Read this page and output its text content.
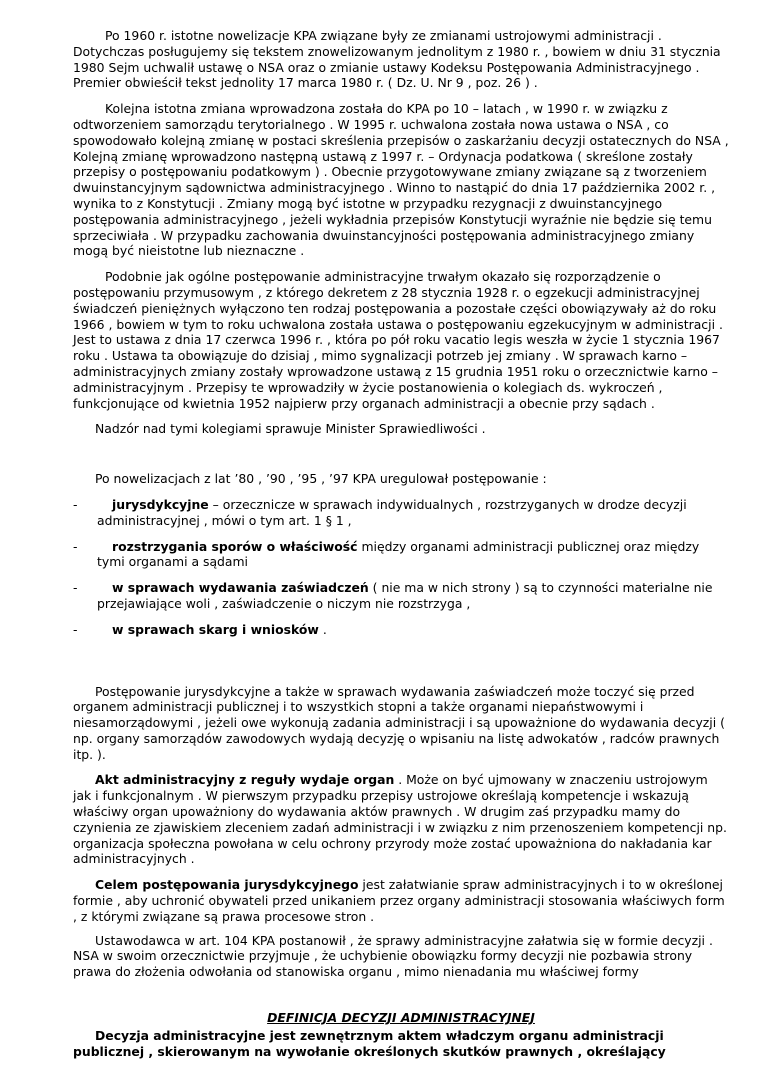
Po 1960 r. istotne nowelizacje KPA związane były ze zmianami ustrojowymi administracji . Dotychczas posługujemy się tekstem znowelizowanym jednolitym z 1980 r. , bowiem w dniu 31 stycznia 1980 Sejm uchwalił ustawę o NSA oraz o zmianie ustawy Kodeksu Postępowania Administracyjnego . Premier obwieścił tekst jednolity 17 marca 1980 r. ( Dz. U. Nr 9 , poz. 26 ) .

Kolejna istotna zmiana wprowadzona została do KPA po 10 – latach , w 1990 r. w związku z odtworzeniem samorządu terytorialnego . W 1995 r. uchwalona została nowa ustawa o NSA , co spowodowało kolejną zmianę w postaci skreślenia przepisów o zaskarżaniu decyzji ostatecznych do NSA , Kolejną zmianę wprowadzono następną ustawą z 1997 r. – Ordynacja podatkowa ( skreślone zostały przepisy o postępowaniu podatkowym ) . Obecnie przygotowywane zmiany związane są z tworzeniem dwuinstancyjnym sądownictwa administracyjnego . Winno to nastąpić do dnia 17 października 2002 r. , wynika to z Konstytucji . Zmiany mogą być istotne w przypadku rezygnacji z dwuinstancyjnego postępowania administracyjnego , jeżeli wykładnia przepisów Konstytucji wyraźnie nie będzie się temu sprzeciwiała . W przypadku zachowania dwuinstancyjności postępowania administracyjnego zmiany mogą być nieistotne lub nieznaczne .

Podobnie jak ogólne postępowanie administracyjne trwałym okazało się rozporządzenie o postępowaniu przymusowym , z którego dekretem z 28 stycznia 1928 r. o egzekucji administracyjnej świadczeń pieniężnych wyłączono ten rodzaj postępowania a pozostałe części obowiązywały aż do roku 1966 , bowiem w tym to roku uchwalona została ustawa o postępowaniu egzekucyjnym w administracji . Jest to ustawa z dnia 17 czerwca 1996 r. , która po pół roku vacatio legis weszła w życie 1 stycznia 1967 roku . Ustawa ta obowiązuje do dzisiaj , mimo sygnalizacji potrzeb jej zmiany . W sprawach karno – administracyjnych zmiany zostały wprowadzone ustawą z 15 grudnia 1951 roku o orzecznictwie karno – administracyjnym . Przepisy te wprowadziły w życie postanowienia o kolegiach ds. wykroczeń , funkcjonujące od kwietnia 1952 najpierw przy organach administracji a obecnie przy sądach .

Nadzór nad tymi kolegiami sprawuje Minister Sprawiedliwości .

Po nowelizacjach z lat ’80 , ’90 , ’95 , ’97 KPA uregulował postępowanie :

-	jurysdykcyjne – orzecznicze w sprawach indywidualnych , rozstrzyganych w drodze decyzji administracyjnej , mówi o tym art. 1 § 1 ,
-	rozstrzygania sporów o właściwość między organami administracji publicznej oraz między tymi organami a sądami
-	w sprawach wydawania zaświadczeń ( nie ma w nich strony ) są to czynności materialne nie przejawiające woli , zaświadczenie o niczym nie rozstrzyga ,
-	w sprawach skarg i wniosków .

Postępowanie jurysdykcyjne a także w sprawach wydawania zaświadczeń może toczyć się przed organem administracji publicznej i to wszystkich stopni a także organami niepaństwowymi i niesamorządowymi , jeżeli owe wykonują zadania administracji i są upoważnione do wydawania decyzji ( np. organy samorządów zawodowych wydają decyzję o wpisaniu na listę adwokatów , radców prawnych itp. ).

Akt administracyjny z reguły wydaje organ . Może on być ujmowany w znaczeniu ustrojowym jak i funkcjonalnym . W pierwszym przypadku przepisy ustrojowe określają kompetencje i wskazują właściwy organ upoważniony do wydawania aktów prawnych . W drugim zaś przypadku mamy do czynienia ze zjawiskiem zleceniem zadań administracji i w związku z nim przenoszeniem kompetencji np. organizacja społeczna powołana w celu ochrony przyrody może zostać upoważniona do nakładania kar administracyjnych .

Celem postępowania jurysdykcyjnego jest załatwianie spraw administracyjnych i to w określonej formie , aby uchronić obywateli przed unikaniem przez organy administracji stosowania właściwych form , z którymi związane są prawa procesowe stron .

Ustawodawca w art. 104 KPA postanowił , że sprawy administracyjne załatwia się w formie decyzji . NSA w swoim orzecznictwie przyjmuje , że uchybienie obowiązku formy decyzji nie pozbawia strony prawa do złożenia odwołania od stanowiska organu , mimo nienadania mu właściwej formy

DEFINICJA DECYZJI ADMINISTRACYJNEJ

Decyzja administracyjne jest zewnętrznym aktem władczym organu administracji publicznej , skierowanym na wywołanie określonych skutków prawnych , określający
